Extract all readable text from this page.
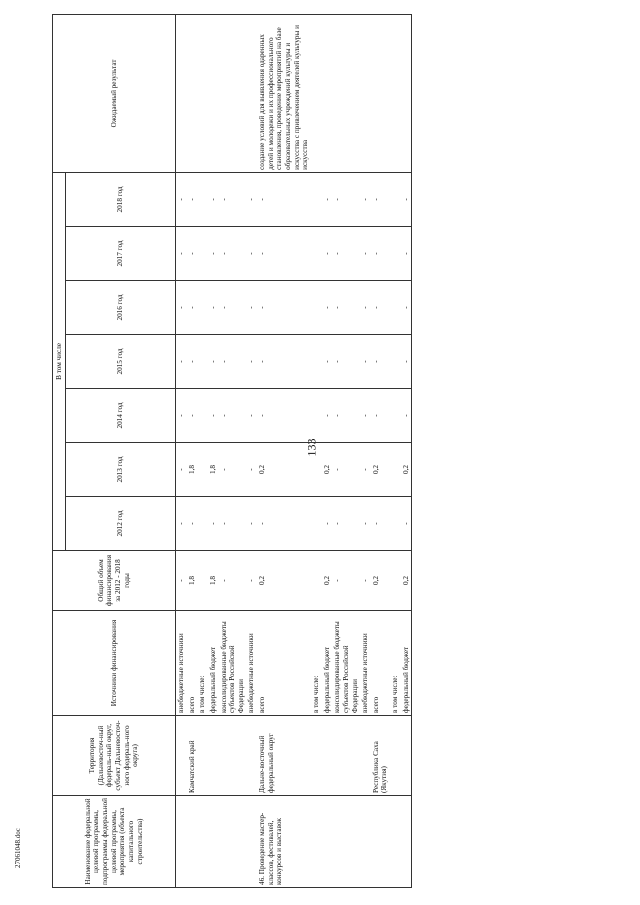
133
Наименование федеральной целевой программы, подпрограммы федеральной целевой программы, мероприятия (объекта капитального строительства)	Территория (Дальневосточ-ный федераль-ный округ, субъект Дальневосточ-ного федераль-ного округа)	Источники финансирования	Общий объем финансирования за 2012 - 2018 годы	В том числе							Ожидаемый результат
				2012 год	2013 год	2014 год	2015 год	2016 год	2017 год	2018 год	
		внебюджетные источники	-	-	-	-	-	-	-	-	
	Камчатский край	всего	1,8	-	1,8	-	-	-	-	-	
		в том числе:									
		федеральный бюджет	1,8	-	1,8	-	-	-	-	-	
		консолидированные бюджеты субъектов Российской Федерации	-	-	-	-	-	-	-	-	
		внебюджетные источники	-	-	-	-	-	-	-	-	
46. Проведение мастер-классов, фестивалей, конкурсов и выставок	Дальне-восточный федеральный округ	всего	0,2	-	0,2	-	-	-	-	-	создание условий для выявления одаренных детей и молодежи и их профессионального становления, проведение мероприятий на базе образовательных учреждений культуры и искусства с привлечением деятелей культуры и искусства
		в том числе:									
		федеральный бюджет	0,2	-	0,2	-	-	-	-	-	
		консолидированные бюджеты субъектов Российской Федерации	-	-	-	-	-	-	-	-	
		внебюджетные источники	-	-	-	-	-	-	-	-	
	Республика Саха (Якутия)	всего	0,2	-	0,2	-	-	-	-	-	
		в том числе:									
		федеральный бюджет	0,2	-	0,2	-	-	-	-	-	
27061048.doc
